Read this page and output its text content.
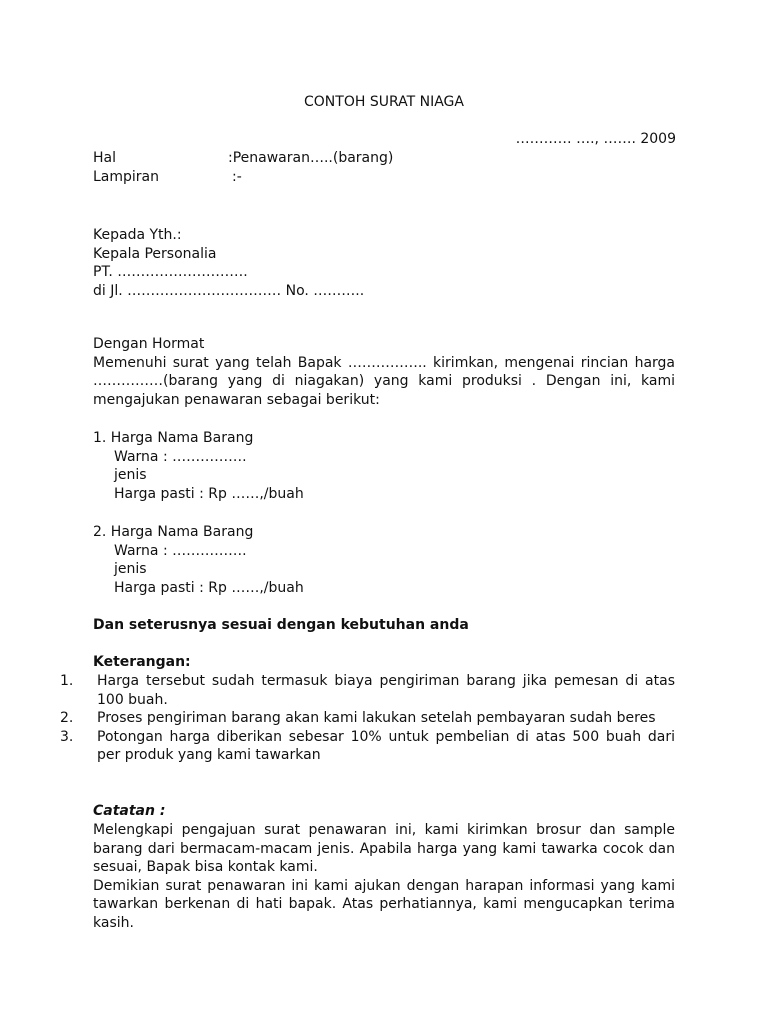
CONTOH SURAT NIAGA
………… …., ……. 2009
Hal	:Penawaran…..(barang)
Lampiran	:-
Kepada Yth.:
Kepala Personalia
PT. ……………………….
di Jl. …………………………… No. ………..
Dengan Hormat
Memenuhi surat yang telah Bapak …………….. kirimkan, mengenai rincian harga ……………(barang yang di niagakan) yang kami produksi . Dengan ini, kami mengajukan penawaran sebagai berikut:
1. Harga Nama Barang
Warna : …………….
jenis
Harga pasti : Rp ……,/buah
2. Harga Nama Barang
Warna : …………….
jenis
Harga pasti : Rp ……,/buah
Dan seterusnya sesuai dengan kebutuhan anda
Keterangan:
1.	Harga tersebut sudah termasuk biaya pengiriman barang jika pemesan di atas 100 buah.
2.	Proses pengiriman barang akan kami lakukan setelah pembayaran sudah beres
3.	Potongan harga diberikan sebesar 10% untuk pembelian di atas 500 buah dari per produk yang kami tawarkan
Catatan :
Melengkapi pengajuan surat penawaran ini, kami kirimkan brosur dan sample barang dari bermacam-macam jenis. Apabila harga yang kami tawarka cocok dan sesuai, Bapak bisa kontak kami.
Demikian surat penawaran ini kami ajukan dengan harapan informasi yang kami tawarkan berkenan di hati bapak. Atas perhatiannya, kami mengucapkan terima kasih.
